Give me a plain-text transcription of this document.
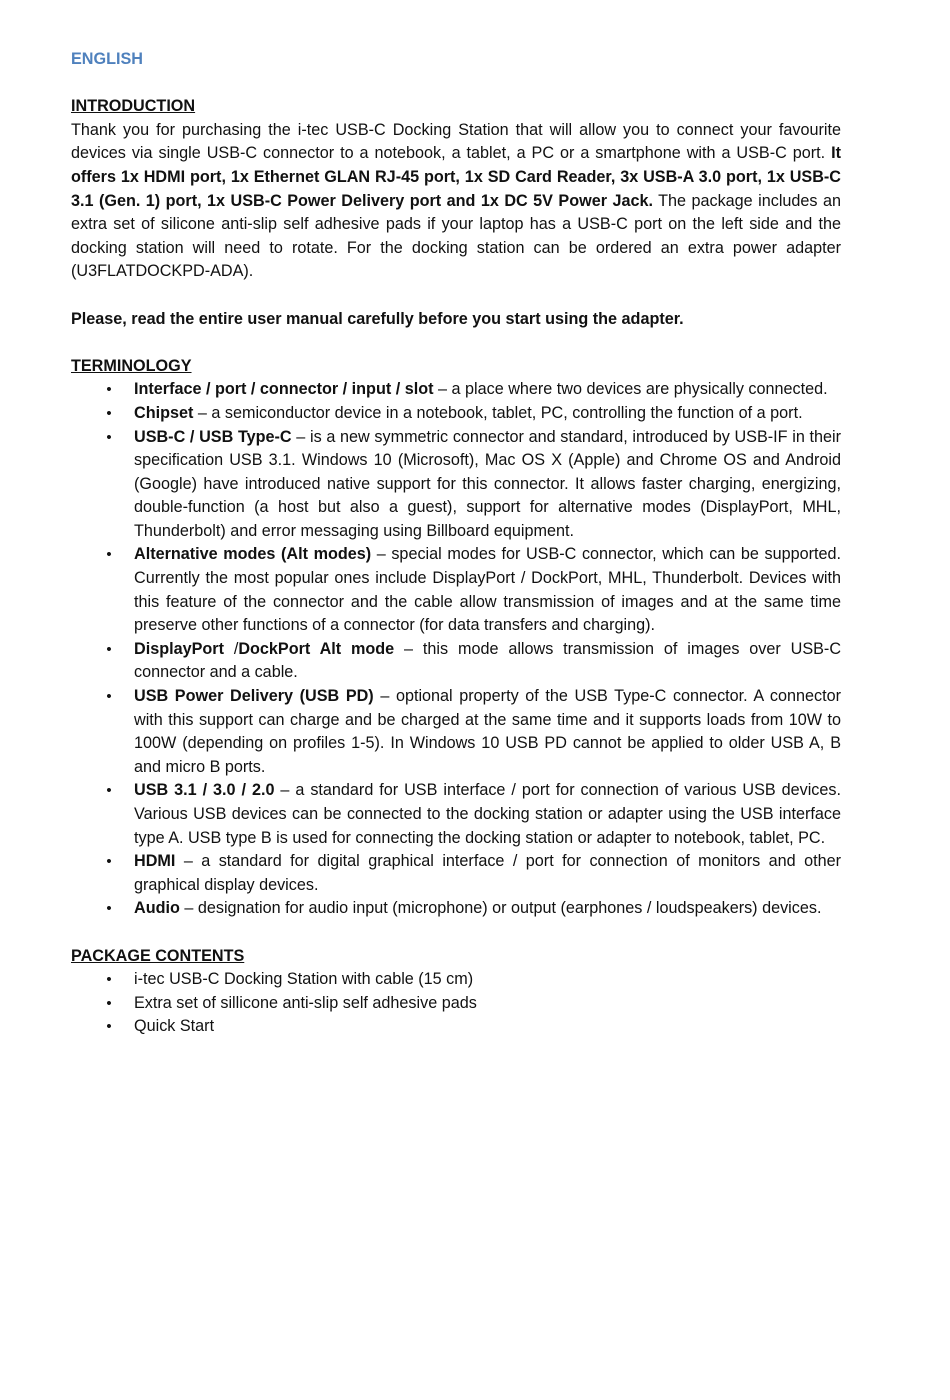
ENGLISH
INTRODUCTION

Thank you for purchasing the i-tec USB-C Docking Station that will allow you to connect your favourite devices via single USB-C connector to a notebook, a tablet, a PC or a smartphone with a USB-C port. It offers 1x HDMI port, 1x Ethernet GLAN RJ-45 port, 1x SD Card Reader, 3x USB-A 3.0 port, 1x USB-C 3.1 (Gen. 1) port, 1x USB-C Power Delivery port and 1x DC 5V Power Jack. The package includes an extra set of silicone anti-slip self adhesive pads if your laptop has a USB-C port on the left side and the docking station will need to rotate. For the docking station can be ordered an extra power adapter (U3FLATDOCKPD-ADA).

Please, read the entire user manual carefully before you start using the adapter.

TERMINOLOGY
• Interface / port / connector / input / slot – a place where two devices are physically connected.
• Chipset – a semiconductor device in a notebook, tablet, PC, controlling the function of a port.
• USB-C / USB Type-C – is a new symmetric connector and standard, introduced by USB-IF in their specification USB 3.1. Windows 10 (Microsoft), Mac OS X (Apple) and Chrome OS and Android (Google) have introduced native support for this connector. It allows faster charging, energizing, double-function (a host but also a guest), support for alternative modes (DisplayPort, MHL, Thunderbolt) and error messaging using Billboard equipment.
• Alternative modes (Alt modes) – special modes for USB-C connector, which can be supported. Currently the most popular ones include DisplayPort / DockPort, MHL, Thunderbolt. Devices with this feature of the connector and the cable allow transmission of images and at the same time preserve other functions of a connector (for data transfers and charging).
• DisplayPort /DockPort Alt mode – this mode allows transmission of images over USB-C connector and a cable.
• USB Power Delivery (USB PD) – optional property of the USB Type-C connector. A connector with this support can charge and be charged at the same time and it supports loads from 10W to 100W (depending on profiles 1-5). In Windows 10 USB PD cannot be applied to older USB A, B and micro B ports.
• USB 3.1 / 3.0 / 2.0 – a standard for USB interface / port for connection of various USB devices. Various USB devices can be connected to the docking station or adapter using the USB interface type A. USB type B is used for connecting the docking station or adapter to notebook, tablet, PC.
• HDMI – a standard for digital graphical interface / port for connection of monitors and other graphical display devices.
• Audio – designation for audio input (microphone) or output (earphones / loudspeakers) devices.
PACKAGE CONTENTS
• i-tec USB-C Docking Station with cable (15 cm)
• Extra set of sillicone anti-slip self adhesive pads
• Quick Start
